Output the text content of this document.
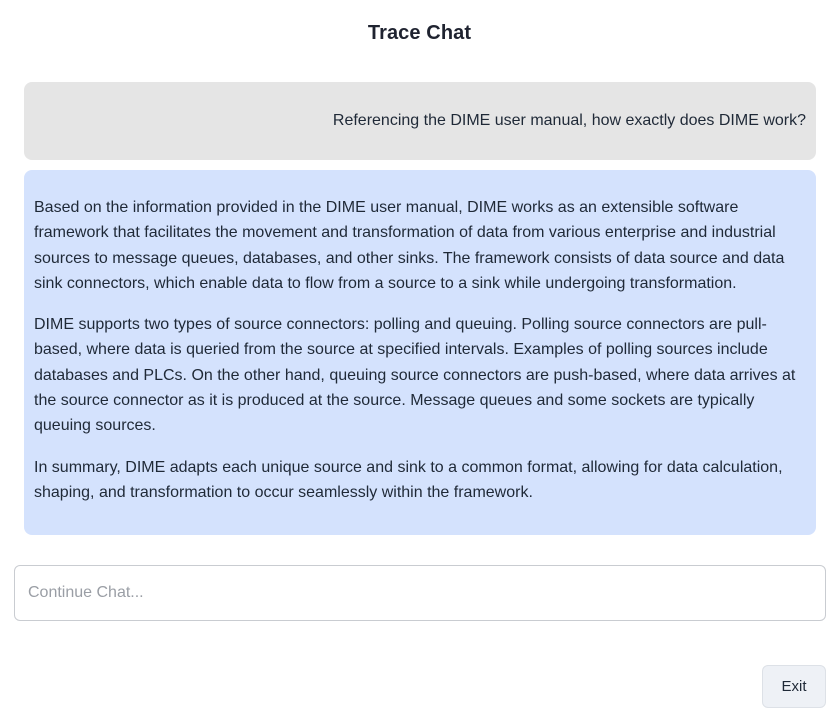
Trace Chat
Referencing the DIME user manual, how exactly does DIME work?

Based on the information provided in the DIME user manual, DIME works as an extensible software framework that facilitates the movement and transformation of data from various enterprise and industrial sources to message queues, databases, and other sinks. The framework consists of data source and data sink connectors, which enable data to flow from a source to a sink while undergoing transformation.

DIME supports two types of source connectors: polling and queuing. Polling source connectors are pull-based, where data is queried from the source at specified intervals. Examples of polling sources include databases and PLCs. On the other hand, queuing source connectors are push-based, where data arrives at the source connector as it is produced at the source. Message queues and some sockets are typically queuing sources.

In summary, DIME adapts each unique source and sink to a common format, allowing for data calculation, shaping, and transformation to occur seamlessly within the framework.

Continue Chat...
Exit
